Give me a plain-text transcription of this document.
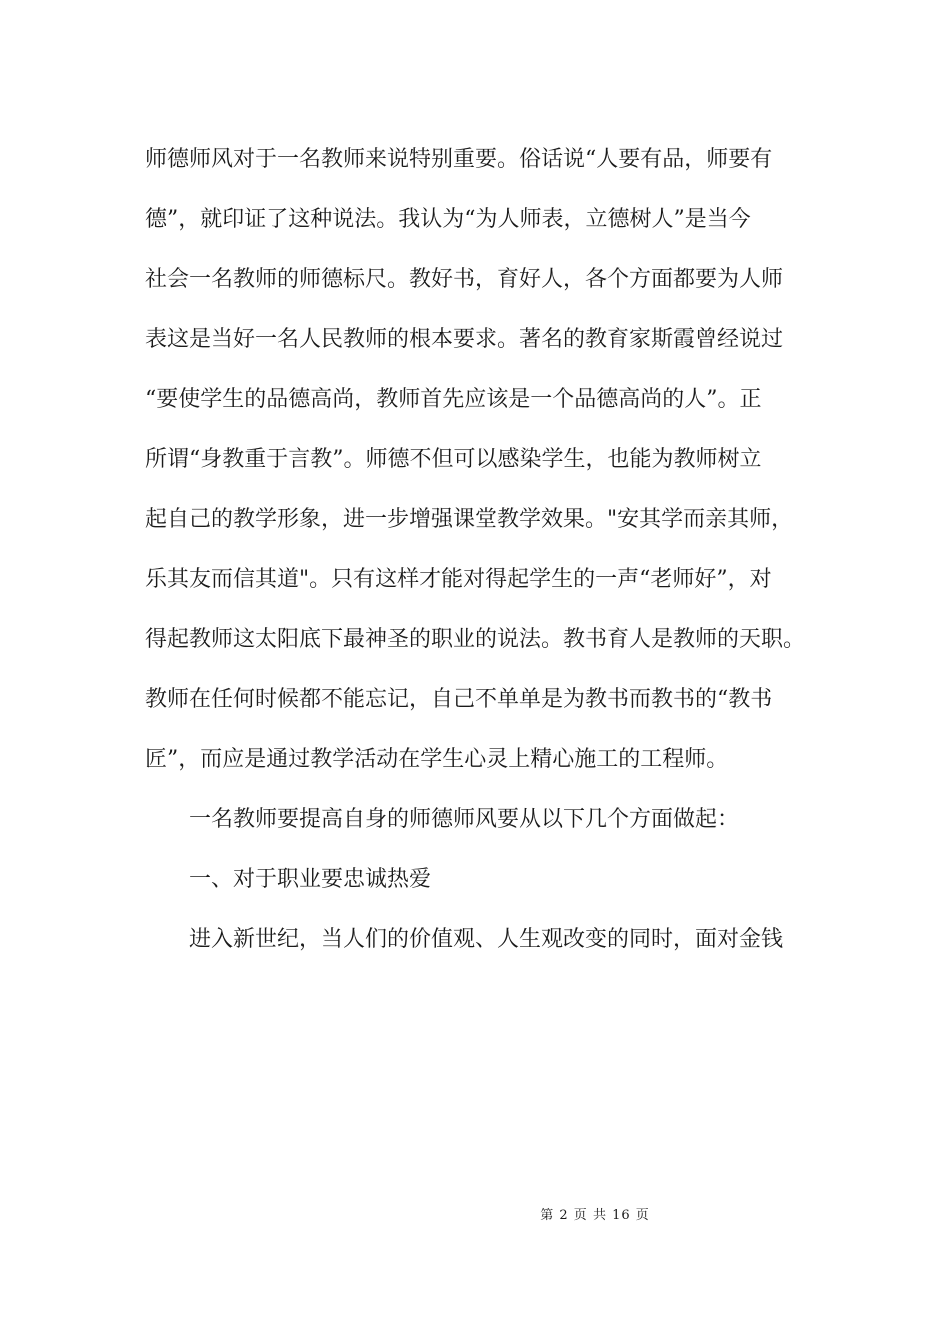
师德师风对于一名教师来说特别重要。俗话说“人要有品，师要有
德”，就印证了这种说法。我认为“为人师表，立德树人”是当今
社会一名教师的师德标尺。教好书，育好人，各个方面都要为人师
表这是当好一名人民教师的根本要求。著名的教育家斯霞曾经说过
“要使学生的品德高尚，教师首先应该是一个品德高尚的人”。正
所谓“身教重于言教”。师德不但可以感染学生，也能为教师树立
起自己的教学形象，进一步增强课堂教学效果。"安其学而亲其师，
乐其友而信其道"。只有这样才能对得起学生的一声“老师好”，对
得起教师这太阳底下最神圣的职业的说法。教书育人是教师的天职。
教师在任何时候都不能忘记，自己不单单是为教书而教书的“教书
匠”，而应是通过教学活动在学生心灵上精心施工的工程师。
一名教师要提高自身的师德师风要从以下几个方面做起：
一、对于职业要忠诚热爱
进入新世纪，当人们的价值观、人生观改变的同时，面对金钱
第 2 页 共 16 页
